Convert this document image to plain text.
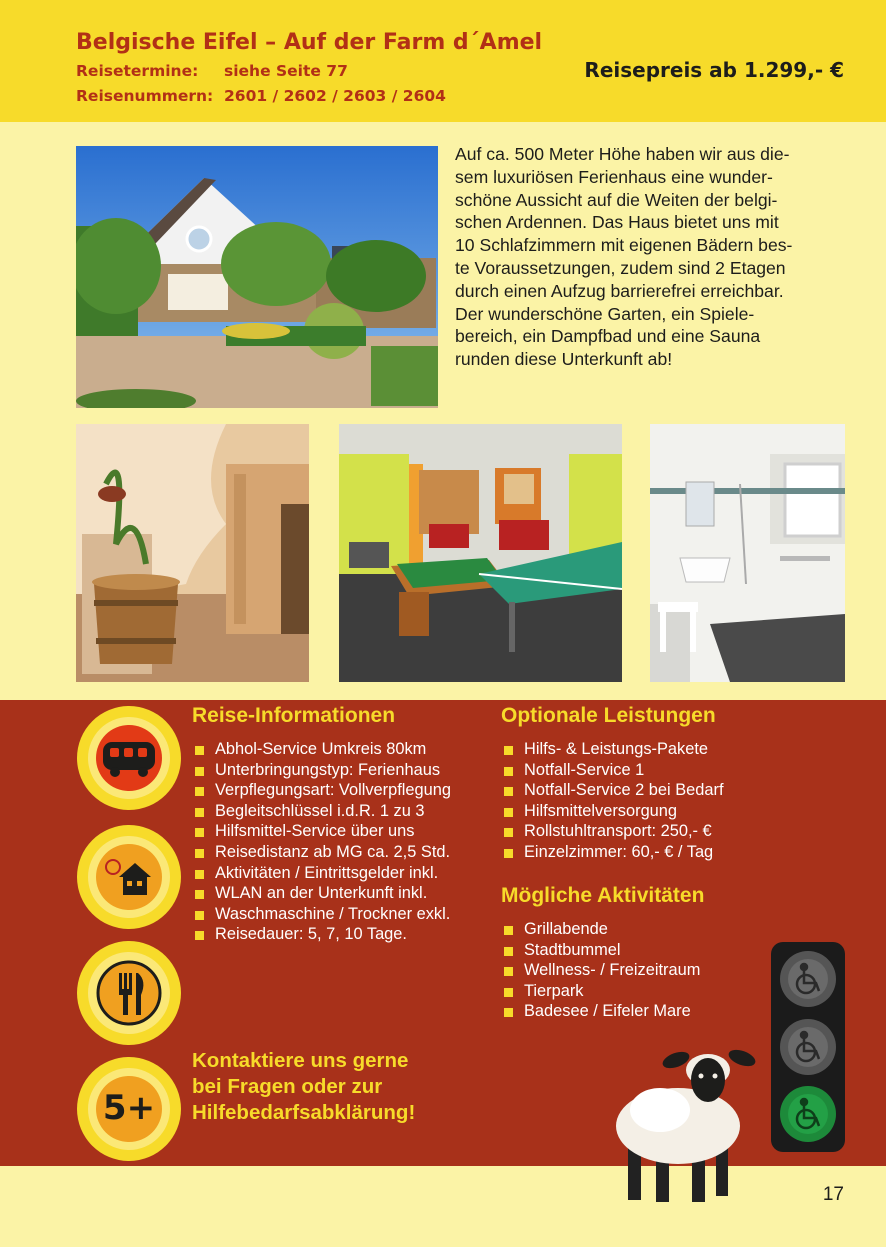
Belgische Eifel – Auf der Farm d´Amel
Reisetermine: siehe Seite 77
Reisenummern: 2601 / 2602 / 2603 / 2604
Reisepreis ab 1.299,- €
Auf ca. 500 Meter Höhe haben wir aus die-
sem luxuriösen Ferienhaus eine wunder-
schöne Aussicht auf die Weiten der belgi-
schen Ardennen. Das Haus bietet uns mit
10 Schlafzimmern mit eigenen Bädern bes-
te Voraussetzungen, zudem sind 2 Etagen
durch einen Aufzug barrierefrei erreichbar.
Der wunderschöne Garten, ein Spiele-
bereich, ein Dampfbad und eine Sauna
runden diese Unterkunft ab!
5+
Reise-Informationen
Abhol-Service Umkreis 80km
Unterbringungstyp: Ferienhaus
Verpflegungsart: Vollverpflegung
Begleitschlüssel i.d.R. 1 zu 3
Hilfsmittel-Service über uns
Reisedistanz ab MG ca. 2,5 Std.
Aktivitäten / Eintrittsgelder inkl.
WLAN an der Unterkunft inkl.
Waschmaschine / Trockner exkl.
Reisedauer: 5, 7, 10 Tage.
Optionale Leistungen
Hilfs- & Leistungs-Pakete
Notfall-Service 1
Notfall-Service 2 bei Bedarf
Hilfsmittelversorgung
Rollstuhltransport: 250,- €
Einzelzimmer: 60,- € / Tag
Mögliche Aktivitäten
Grillabende
Stadtbummel
Wellness- / Freizeitraum
Tierpark
Badesee / Eifeler Mare
Kontaktiere uns gerne
bei Fragen oder zur
Hilfebedarfsabklärung!
17
